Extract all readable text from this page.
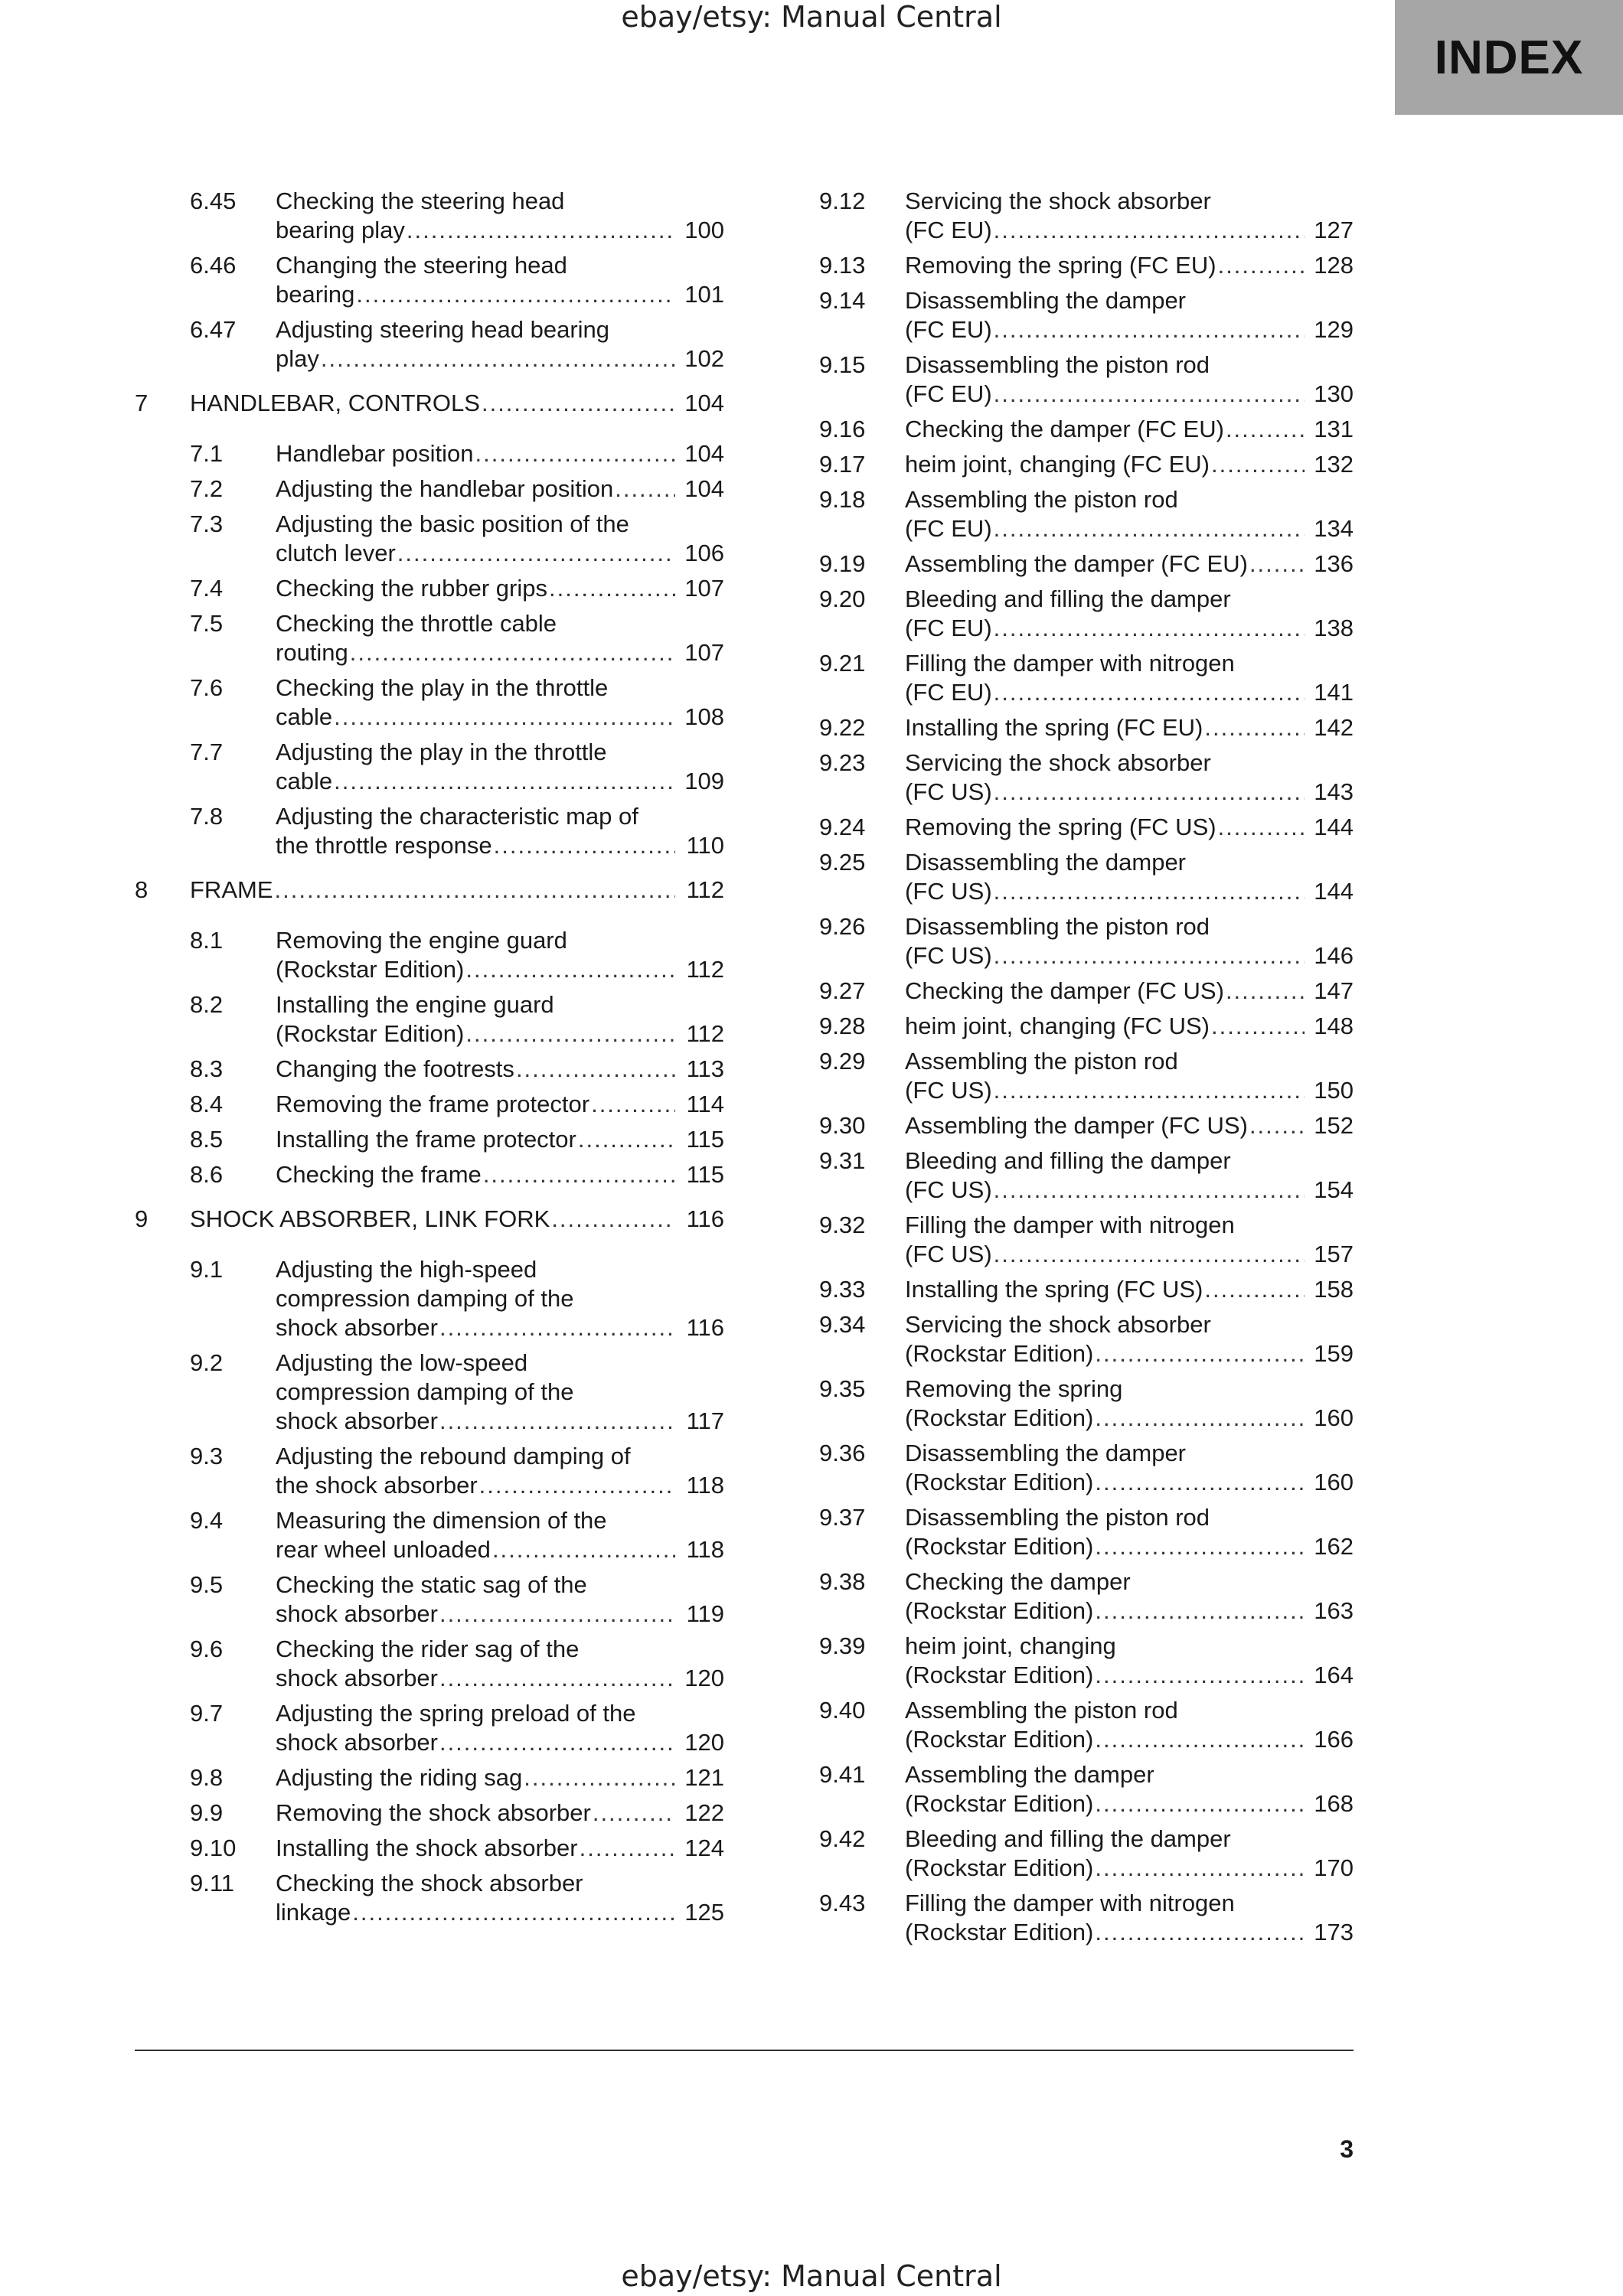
ebay/etsy: Manual Central
INDEX
6.45	Checking the steering head
bearing play .....	100
6.46	Changing the steering head
bearing .....	101
6.47	Adjusting steering head bearing
play .....	102
7	HANDLEBAR, CONTROLS .....	104
7.1	Handlebar position .....	104
7.2	Adjusting the handlebar position .....	104
7.3	Adjusting the basic position of the
clutch lever .....	106
7.4	Checking the rubber grips .....	107
7.5	Checking the throttle cable
routing .....	107
7.6	Checking the play in the throttle
cable .....	108
7.7	Adjusting the play in the throttle
cable .....	109
7.8	Adjusting the characteristic map of
the throttle response .....	110
8	FRAME .....	112
8.1	Removing the engine guard
(Rockstar Edition) .....	112
8.2	Installing the engine guard
(Rockstar Edition) .....	112
8.3	Changing the footrests .....	113
8.4	Removing the frame protector .....	114
8.5	Installing the frame protector .....	115
8.6	Checking the frame .....	115
9	SHOCK ABSORBER, LINK FORK .....	116
9.1	Adjusting the high-speed
compression damping of the
shock absorber .....	116
9.2	Adjusting the low-speed
compression damping of the
shock absorber .....	117
9.3	Adjusting the rebound damping of
the shock absorber .....	118
9.4	Measuring the dimension of the
rear wheel unloaded .....	118
9.5	Checking the static sag of the
shock absorber .....	119
9.6	Checking the rider sag of the
shock absorber .....	120
9.7	Adjusting the spring preload of the
shock absorber .....	120
9.8	Adjusting the riding sag .....	121
9.9	Removing the shock absorber .....	122
9.10	Installing the shock absorber .....	124
9.11	Checking the shock absorber
linkage .....	125
9.12	Servicing the shock absorber
(FC EU) .....	127
9.13	Removing the spring (FC EU) .....	128
9.14	Disassembling the damper
(FC EU) .....	129
9.15	Disassembling the piston rod
(FC EU) .....	130
9.16	Checking the damper (FC EU) .....	131
9.17	heim joint, changing (FC EU) .....	132
9.18	Assembling the piston rod
(FC EU) .....	134
9.19	Assembling the damper (FC EU) .....	136
9.20	Bleeding and filling the damper
(FC EU) .....	138
9.21	Filling the damper with nitrogen
(FC EU) .....	141
9.22	Installing the spring (FC EU) .....	142
9.23	Servicing the shock absorber
(FC US) .....	143
9.24	Removing the spring (FC US) .....	144
9.25	Disassembling the damper
(FC US) .....	144
9.26	Disassembling the piston rod
(FC US) .....	146
9.27	Checking the damper (FC US) .....	147
9.28	heim joint, changing (FC US) .....	148
9.29	Assembling the piston rod
(FC US) .....	150
9.30	Assembling the damper (FC US) .....	152
9.31	Bleeding and filling the damper
(FC US) .....	154
9.32	Filling the damper with nitrogen
(FC US) .....	157
9.33	Installing the spring (FC US) .....	158
9.34	Servicing the shock absorber
(Rockstar Edition) .....	159
9.35	Removing the spring
(Rockstar Edition) .....	160
9.36	Disassembling the damper
(Rockstar Edition) .....	160
9.37	Disassembling the piston rod
(Rockstar Edition) .....	162
9.38	Checking the damper
(Rockstar Edition) .....	163
9.39	heim joint, changing
(Rockstar Edition) .....	164
9.40	Assembling the piston rod
(Rockstar Edition) .....	166
9.41	Assembling the damper
(Rockstar Edition) .....	168
9.42	Bleeding and filling the damper
(Rockstar Edition) .....	170
9.43	Filling the damper with nitrogen
(Rockstar Edition) .....	173
3
ebay/etsy: Manual Central
